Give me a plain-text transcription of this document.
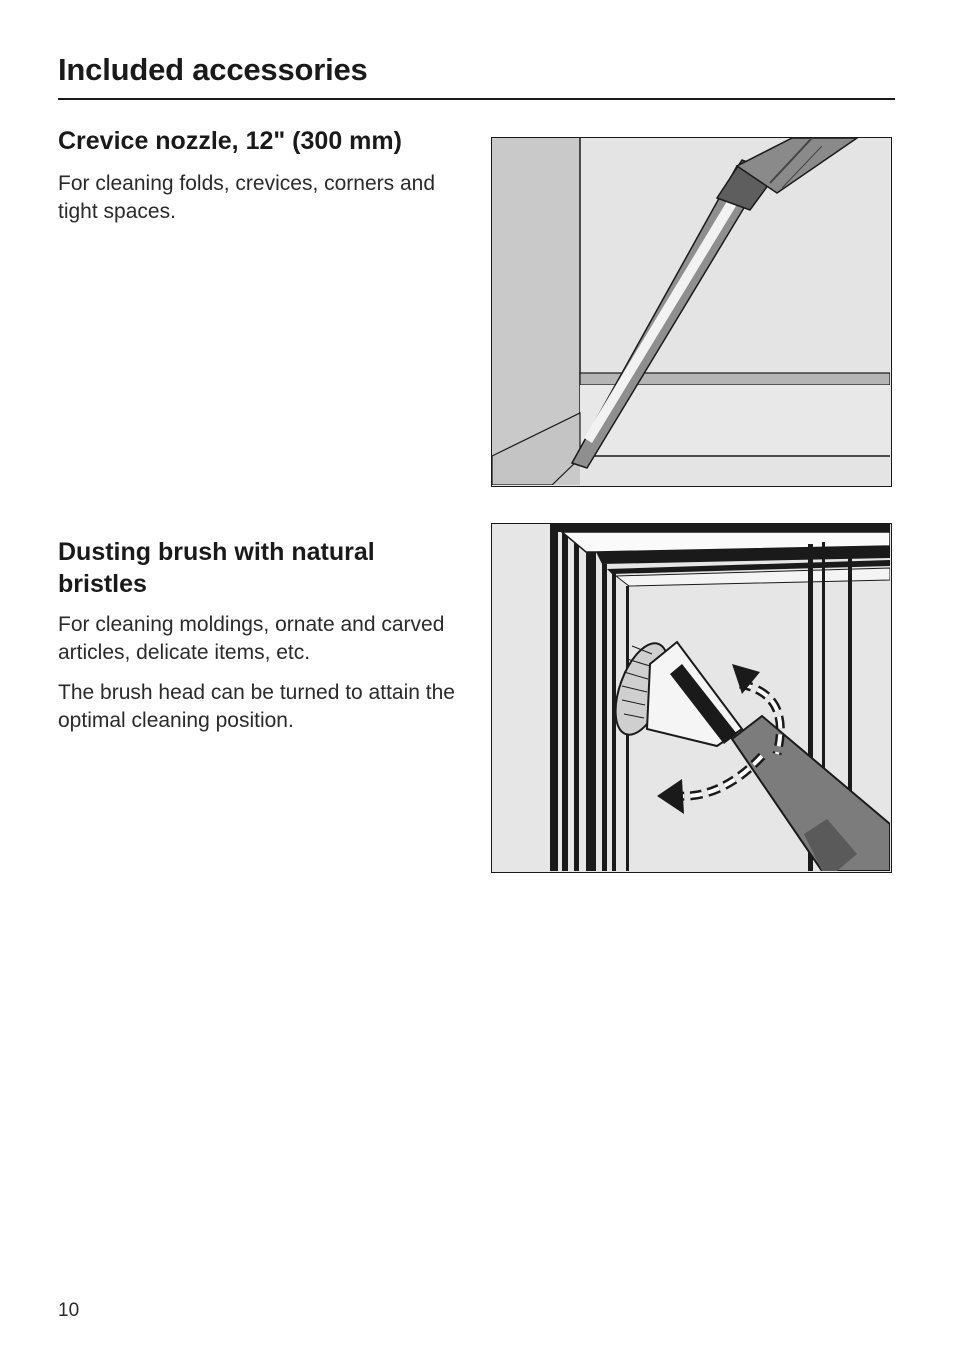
Included accessories
Crevice nozzle, 12" (300 mm)

For cleaning folds, crevices, corners and tight spaces.

Dusting brush with natural bristles

For cleaning moldings, ornate and carved articles, delicate items, etc.

The brush head can be turned to attain the optimal cleaning position.

10
